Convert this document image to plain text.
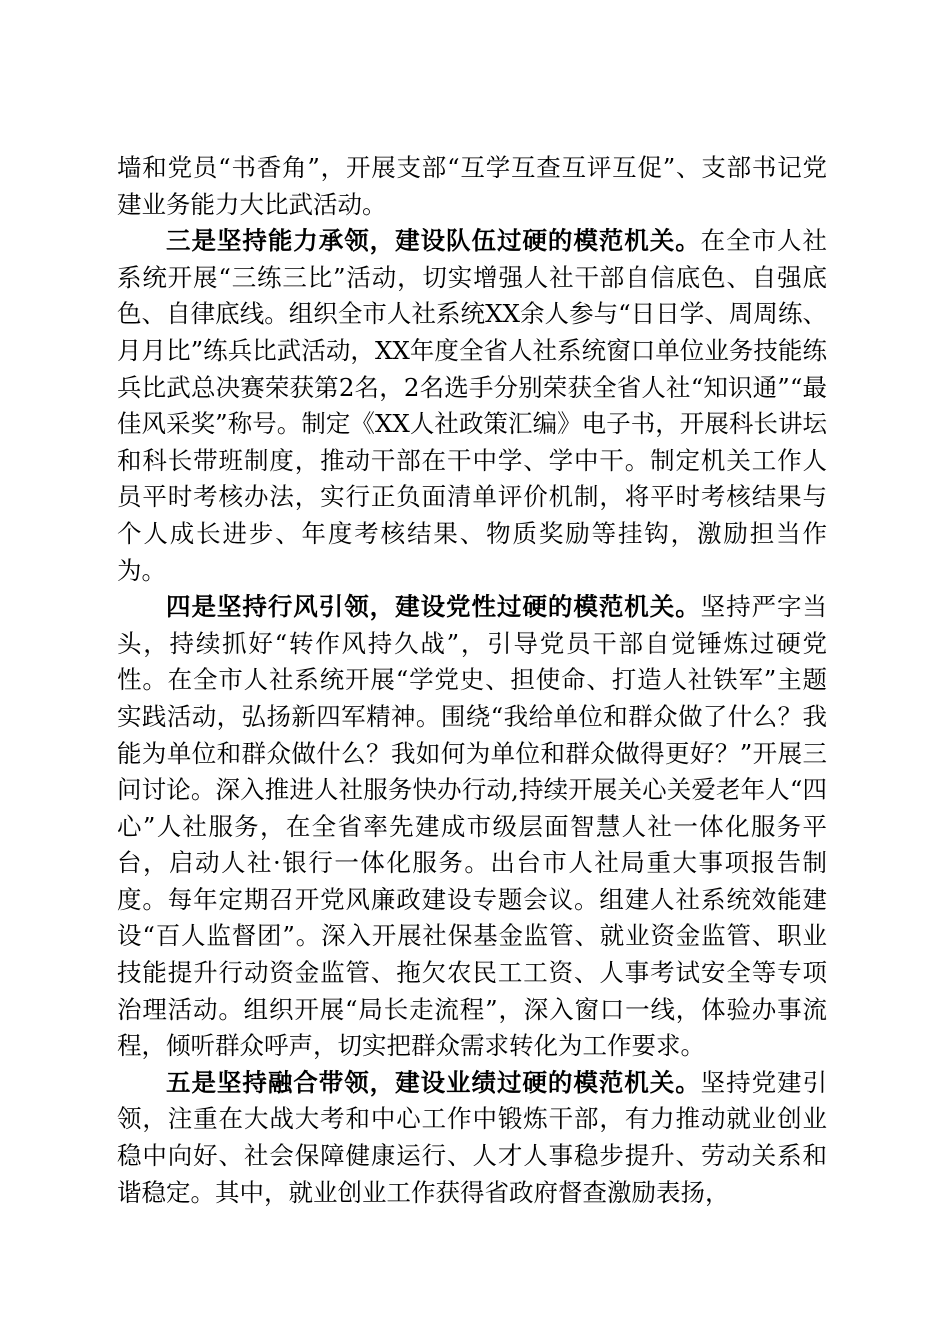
墙和党员“书香角”，开展支部“互学互查互评互促”、支部书记党建业务能力大比武活动。

三是坚持能力承领，建设队伍过硬的模范机关。在全市人社系统开展“三练三比”活动，切实增强人社干部自信底色、自强底色、自律底线。组织全市人社系统XX余人参与“日日学、周周练、月月比”练兵比武活动，XX年度全省人社系统窗口单位业务技能练兵比武总决赛荣获第2名，2名选手分别荣获全省人社“知识通”“最佳风采奖”称号。制定《XX人社政策汇编》电子书，开展科长讲坛和科长带班制度，推动干部在干中学、学中干。制定机关工作人员平时考核办法，实行正负面清单评价机制，将平时考核结果与个人成长进步、年度考核结果、物质奖励等挂钩，激励担当作为。

四是坚持行风引领，建设党性过硬的模范机关。坚持严字当头，持续抓好“转作风持久战”，引导党员干部自觉锤炼过硬党性。在全市人社系统开展“学党史、担使命、打造人社铁军”主题实践活动，弘扬新四军精神。围绕“我给单位和群众做了什么？我能为单位和群众做什么？我如何为单位和群众做得更好？”开展三问讨论。深入推进人社服务快办行动,持续开展关心关爱老年人“四心”人社服务，在全省率先建成市级层面智慧人社一体化服务平台，启动人社·银行一体化服务。出台市人社局重大事项报告制度。每年定期召开党风廉政建设专题会议。组建人社系统效能建设“百人监督团”。深入开展社保基金监管、就业资金监管、职业技能提升行动资金监管、拖欠农民工工资、人事考试安全等专项治理活动。组织开展“局长走流程”，深入窗口一线，体验办事流程，倾听群众呼声，切实把群众需求转化为工作要求。

五是坚持融合带领，建设业绩过硬的模范机关。坚持党建引领，注重在大战大考和中心工作中锻炼干部，有力推动就业创业稳中向好、社会保障健康运行、人才人事稳步提升、劳动关系和谐稳定。其中，就业创业工作获得省政府督查激励表扬，
